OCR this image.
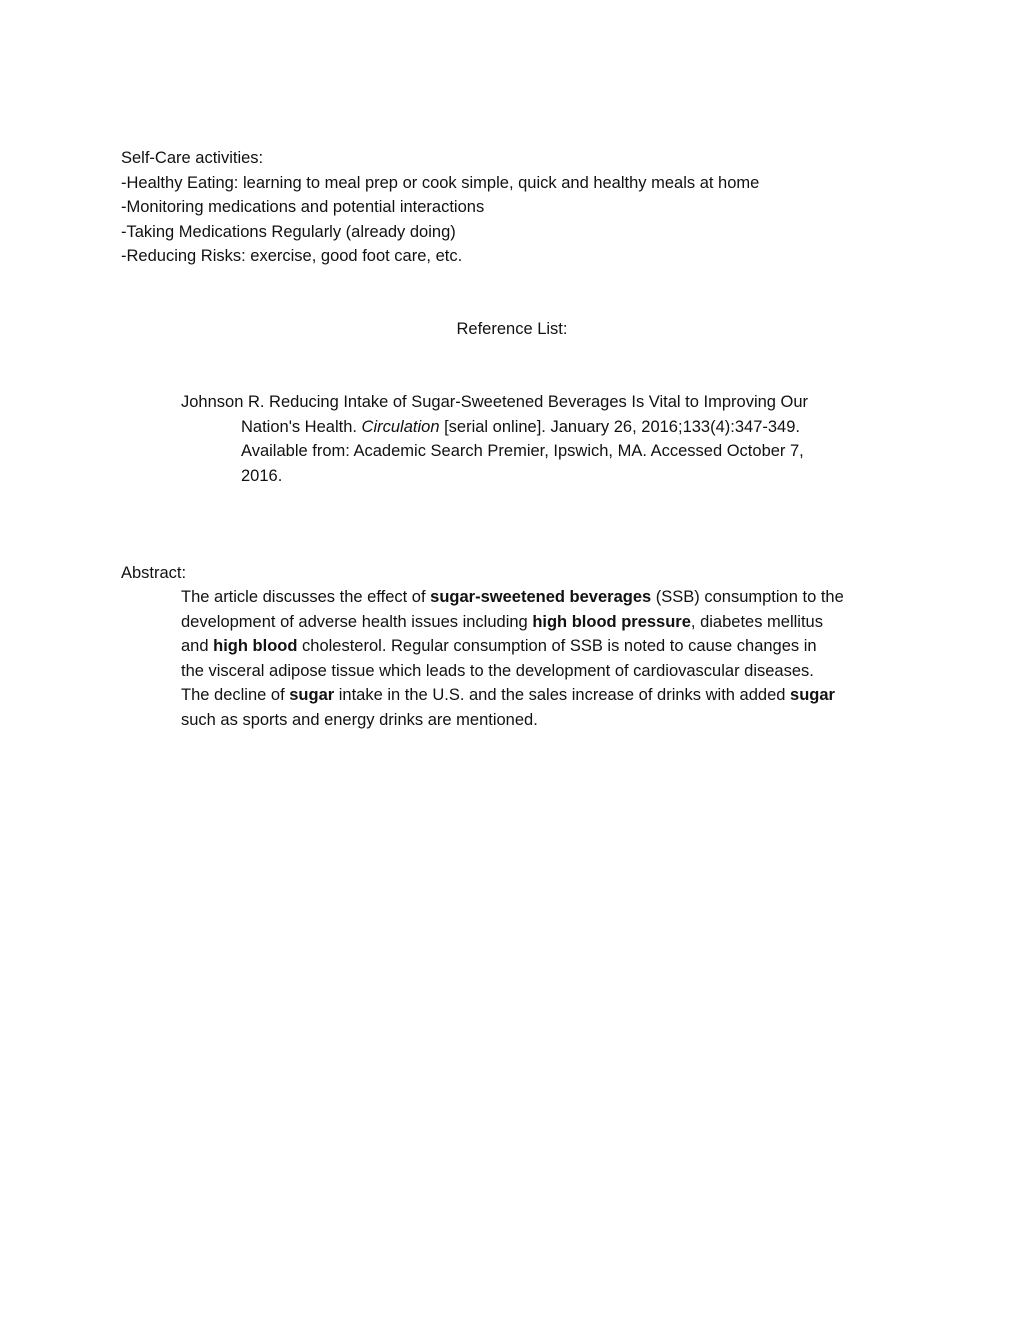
Self-Care activities:
-Healthy Eating: learning to meal prep or cook simple, quick and healthy meals at home
-Monitoring medications and potential interactions
-Taking Medications Regularly (already doing)
-Reducing Risks: exercise, good foot care, etc.
Reference List:
Johnson R. Reducing Intake of Sugar-Sweetened Beverages Is Vital to Improving Our
Nation's Health. Circulation [serial online]. January 26, 2016;133(4):347-349.
Available from: Academic Search Premier, Ipswich, MA. Accessed October 7,
2016.
Abstract:
The article discusses the effect of sugar-sweetened beverages (SSB) consumption to the
development of adverse health issues including high blood pressure, diabetes mellitus
and high blood cholesterol. Regular consumption of SSB is noted to cause changes in
the visceral adipose tissue which leads to the development of cardiovascular diseases.
The decline of sugar intake in the U.S. and the sales increase of drinks with added sugar
such as sports and energy drinks are mentioned.
